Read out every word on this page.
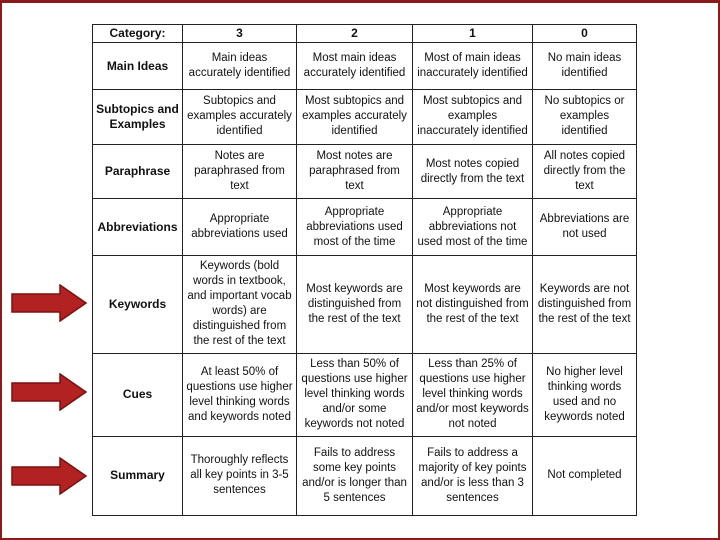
Category:	3	2	1	0
Main Ideas	Main ideas accurately identified	Most main ideas accurately identified	Most of main ideas inaccurately identified	No main ideas identified
Subtopics and Examples	Subtopics and examples accurately identified	Most subtopics and examples accurately identified	Most subtopics and examples inaccurately identified	No subtopics or examples identified
Paraphrase	Notes are paraphrased from text	Most notes are paraphrased from text	Most notes copied directly from the text	All notes copied directly from the text
Abbreviations	Appropriate abbreviations used	Appropriate abbreviations used most of the time	Appropriate abbreviations not used most of the time	Abbreviations are not used
Keywords	Keywords (bold words in textbook, and important vocab words) are distinguished from the rest of the text	Most keywords are distinguished from the rest of the text	Most keywords are not distinguished from the rest of the text	Keywords are not distinguished from the rest of the text
Cues	At least 50% of questions use higher level thinking words and keywords noted	Less than 50% of questions use higher level thinking words and/or some keywords not noted	Less than 25% of questions use higher level thinking words and/or most keywords not noted	No higher level thinking words used and no keywords noted
Summary	Thoroughly reflects all key points in 3-5 sentences	Fails to address some key points and/or is longer than 5 sentences	Fails to address a majority of key points and/or is less than 3 sentences	Not completed
